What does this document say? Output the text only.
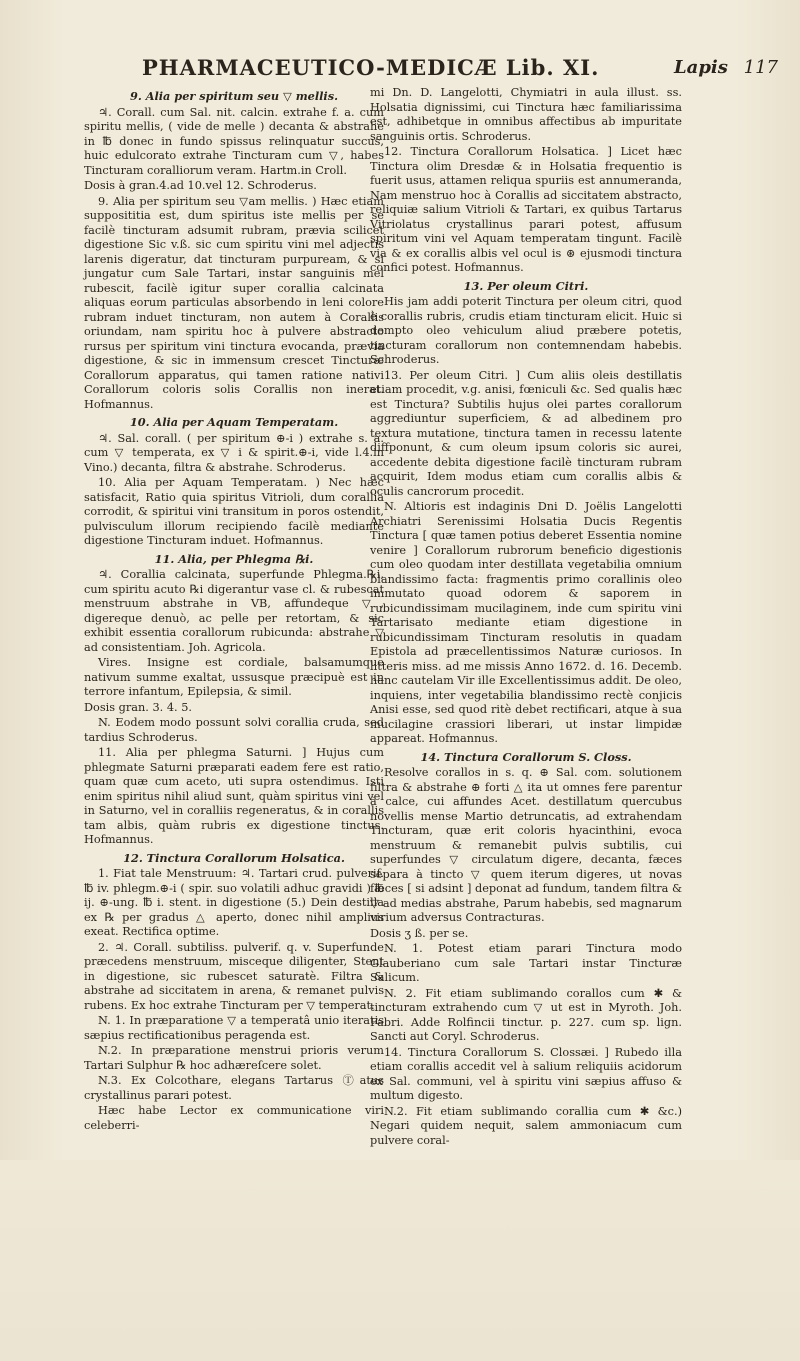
PHARMACEUTICO-MEDICÆ Lib. XI.	Lapis 117

9. Alia per spiritum seu ▽ mellis.

♃. Corall. cum Sal. nit. calcin. extrahe f. a. cum spiritu mellis, ( vide de melle ) decanta & abstrahe in ℔ donec in fundo spissus relinquatur succus, huic edulcorato extrahe Tincturam cum ▽, habes Tincturam coralliorum veram. Hartm.in Croll.

Dosis à gran.4.ad 10.vel 12. Schroderus.

9. Alia per spiritum seu ▽am mellis. ) Hæc etiam supposititia est, dum spiritus iste mellis per se facilè tincturam adsumit rubram, prævia scilicet digestione Sic v.ß. sic cum spiritu vini mel adjectis larenis digeratur, dat tincturam purpuream, & si jungatur cum Sale Tartari, instar sanguinis mel rubescit, facilè igitur super corallia calcinata aliquas eorum particulas absorbendo in leni colore rubram induet tincturam, non autem à Corallis oriundam, nam spiritu hoc à pulvere abstracto rursus per spiritum vini tinctura evocanda, prævia digestione, & sic in immensum crescet Tincturæ Corallorum apparatus, qui tamen ratione nativi Corallorum coloris solis Corallis non inerat. Hofmannus.

10. Alia per Aquam Temperatam.

♃. Sal. corall. ( per spiritum ⊕-i ) extrahe s. a. cum ▽ temperata, ex ▽ i & spirit.⊕-i, vide l.4.in Vino.) decanta, filtra & abstrahe. Schroderus.

10. Alia per Aquam Temperatam. ) Nec hæc satisfacit, Ratio quia spiritus Vitrioli, dum corallia corrodit, & spiritui vini transitum in poros ostendit, pulvisculum illorum recipiendo facilè mediante digestione Tincturam induet. Hofmannus.

11. Alia, per Phlegma ℞i.

♃. Corallia calcinata, superfunde Phlegma.℞i, cum spiritu acuto ℞i digerantur vase cl. & rubescat menstruum abstrahe in VB, affundeque ▽, digereque denuò, ac pelle per retortam, & sic exhibit essentia corallorum rubicunda: abstrahe ▽ ad consistentiam. Joh. Agricola.

Vires. Insigne est cordiale, balsamumque nativum summe exaltat, ussusque præcipuè est in terrore infantum, Epilepsia, & simil.

Dosis gran. 3. 4. 5.

N. Eodem modo possunt solvi corallia cruda, sed tardius Schroderus.

11. Alia per phlegma Saturni. ] Hujus cum phlegmate Saturni præparati eadem fere est ratio, quam quæ cum aceto, uti supra ostendimus. Isti enim spiritus nihil aliud sunt, quàm spiritus vini vel in Saturno, vel in coralliis regeneratus, & in corallis tam albis, quàm rubris ex digestione tinctus. Hofmannus.

12. Tinctura Corallorum Holsatica.

1. Fiat tale Menstruum: ♃. Tartari crud. pulverif. ℔ iv. phlegm.⊕-i ( spir. suo volatili adhuc gravidi ) ℔ ij. ⊕-ung. ℔ i. stent. in digestione (5.) Dein destilla ex ℞ per gradus △ aperto, donec nihil amplius exeat. Rectifica optime.

2. ♃. Corall. subtiliss. pulverif. q. v. Superfunde præcedens menstruum, misceque diligenter, Stent in digestione, sic rubescet saturatè. Filtra & abstrahe ad siccitatem in arena, & remanet pulvis rubens. Ex hoc extrahe Tincturam per ▽ temperat.

N. 1. In præparatione ▽ a temperatâ unio iteratis sæpius rectificationibus peragenda est.

N.2. In præparatione menstrui prioris verum Tartari Sulphur ℞ hoc adhæreſcere solet.

N.3. Ex Colcothare, elegans Tartarus Ⓣatus crystallinus parari potest.

Hæc habe Lector ex communicatione viri celeberri-

mi Dn. D. Langelotti, Chymiatri in aula illust. ss. Holsatia dignissimi, cui Tinctura hæc familiarissima est, adhibetque in omnibus affectibus ab impuritate sanguinis ortis. Schroderus.

12. Tinctura Corallorum Holsatica. ] Licet hæc Tinctura olim Dresdæ & in Holsatia frequentio is fuerit usus, attamen reliqua spuriis est annumeranda, Nam menstruo hoc à Corallis ad siccitatem abstracto, reliquiæ salium Vitrioli & Tartari, ex quibus Tartarus Vitriolatus crystallinus parari potest, affusum spiritum vini vel Aquam temperatam tingunt. Facilè via & ex corallis albis vel ocul is ⊛ ejusmodi tinctura confici potest. Hofmannus.

13. Per oleum Citri.

His jam addi poterit Tinctura per oleum citri, quod è corallis rubris, crudis etiam tincturam elicit. Huic si dempto oleo vehiculum aliud præbere potetis, tincturam corallorum non contemnendam habebis. Schroderus.

13. Per oleum Citri. ] Cum aliis oleis destillatis etiam procedit, v.g. anisi, fœniculi &c. Sed qualis hæc est Tinctura? Subtilis hujus olei partes corallorum aggrediuntur superficiem, & ad albedinem pro textura mutatione, tinctura tamen in recessu latente diffponunt, & cum oleum ipsum coloris sic aurei, accedente debita digestione facilè tincturam rubram acquirit, Idem modus etiam cum corallis albis & oculis cancrorum procedit.

N. Altioris est indaginis Dni D. Joëlis Langelotti Archiatri Serenissimi Holsatia Ducis Regentis Tinctura [ quæ tamen potius deberet Essentia nomine venire ] Corallorum rubrorum beneficio digestionis cum oleo quodam inter destillata vegetabilia omnium blandissimo facta: fragmentis primo corallinis oleo immutato quoad odorem & saporem in rubicundissimam mucilaginem, inde cum spiritu vini Tartarisato mediante etiam digestione in rubicundissimam Tincturam resolutis in quadam Epistola ad præcellentissimos Naturæ curiosos. In litteris miss. ad me missis Anno 1672. d. 16. Decemb. hanc cautelam Vir ille Excellentissimus addit. De oleo, inquiens, inter vegetabilia blandissimo rectè conjicis Anisi esse, sed quod ritè debet rectificari, atque à sua mucilagine crassiori liberari, ut instar limpidæ appareat. Hofmannus.

14. Tinctura Corallorum S. Closs.

Resolve corallos in s. q. ⊕ Sal. com. solutionem filtra & abstrahe ⊕ forti △ ita ut omnes fere parentur à calce, cui affundes Acet. destillatum quercubus novellis mense Martio detruncatis, ad extrahendam Tincturam, quæ erit coloris hyacinthini, evoca menstruum & remanebit pulvis subtilis, cui superfundes ▽ circulatum digere, decanta, fæces separa à tincto ▽ quem iterum digeres, ut novas fæces [ si adsint ] deponat ad fundum, tandem filtra & ▽ ad medias abstrahe, Parum habebis, sed magnarum virium adversus Contracturas.

Dosis ʒ ß. per se.

N. 1. Potest etiam parari Tinctura modo Glauberiano cum sale Tartari instar Tincturæ Salicum.

N. 2. Fit etiam sublimando corallos cum ✱ & tincturam extrahendo cum ▽ ut est in Myroth. Joh. Fabri. Adde Rolfincii tinctur. p. 227. cum sp. lign. Sancti aut Coryl. Schroderus.

14. Tinctura Corallorum S. Clossæi. ] Rubedo illa etiam corallis accedit vel à salium reliquiis acidorum ex Sal. communi, vel à spiritu vini sæpius affuso & multum digesto.

N.2. Fit etiam sublimando corallia cum ✱ &c.) Negari quidem nequit, salem ammoniacum cum pulvere coral-
